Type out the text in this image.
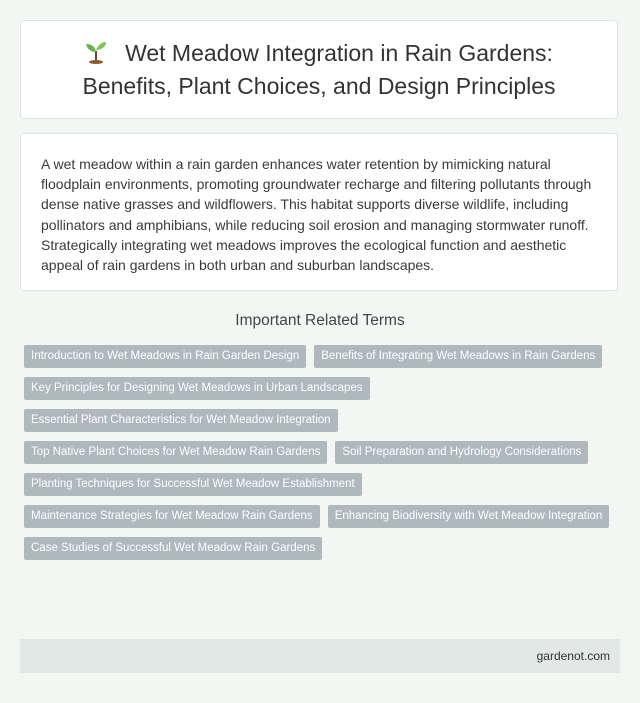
Wet Meadow Integration in Rain Gardens: Benefits, Plant Choices, and Design Principles

A wet meadow within a rain garden enhances water retention by mimicking natural floodplain environments, promoting groundwater recharge and filtering pollutants through dense native grasses and wildflowers. This habitat supports diverse wildlife, including pollinators and amphibians, while reducing soil erosion and managing stormwater runoff. Strategically integrating wet meadows improves the ecological function and aesthetic appeal of rain gardens in both urban and suburban landscapes.

Important Related Terms
Introduction to Wet Meadows in Rain Garden Design	Benefits of Integrating Wet Meadows in Rain Gardens
Key Principles for Designing Wet Meadows in Urban Landscapes
Essential Plant Characteristics for Wet Meadow Integration
Top Native Plant Choices for Wet Meadow Rain Gardens	Soil Preparation and Hydrology Considerations
Planting Techniques for Successful Wet Meadow Establishment
Maintenance Strategies for Wet Meadow Rain Gardens	Enhancing Biodiversity with Wet Meadow Integration
Case Studies of Successful Wet Meadow Rain Gardens
gardenot.com
